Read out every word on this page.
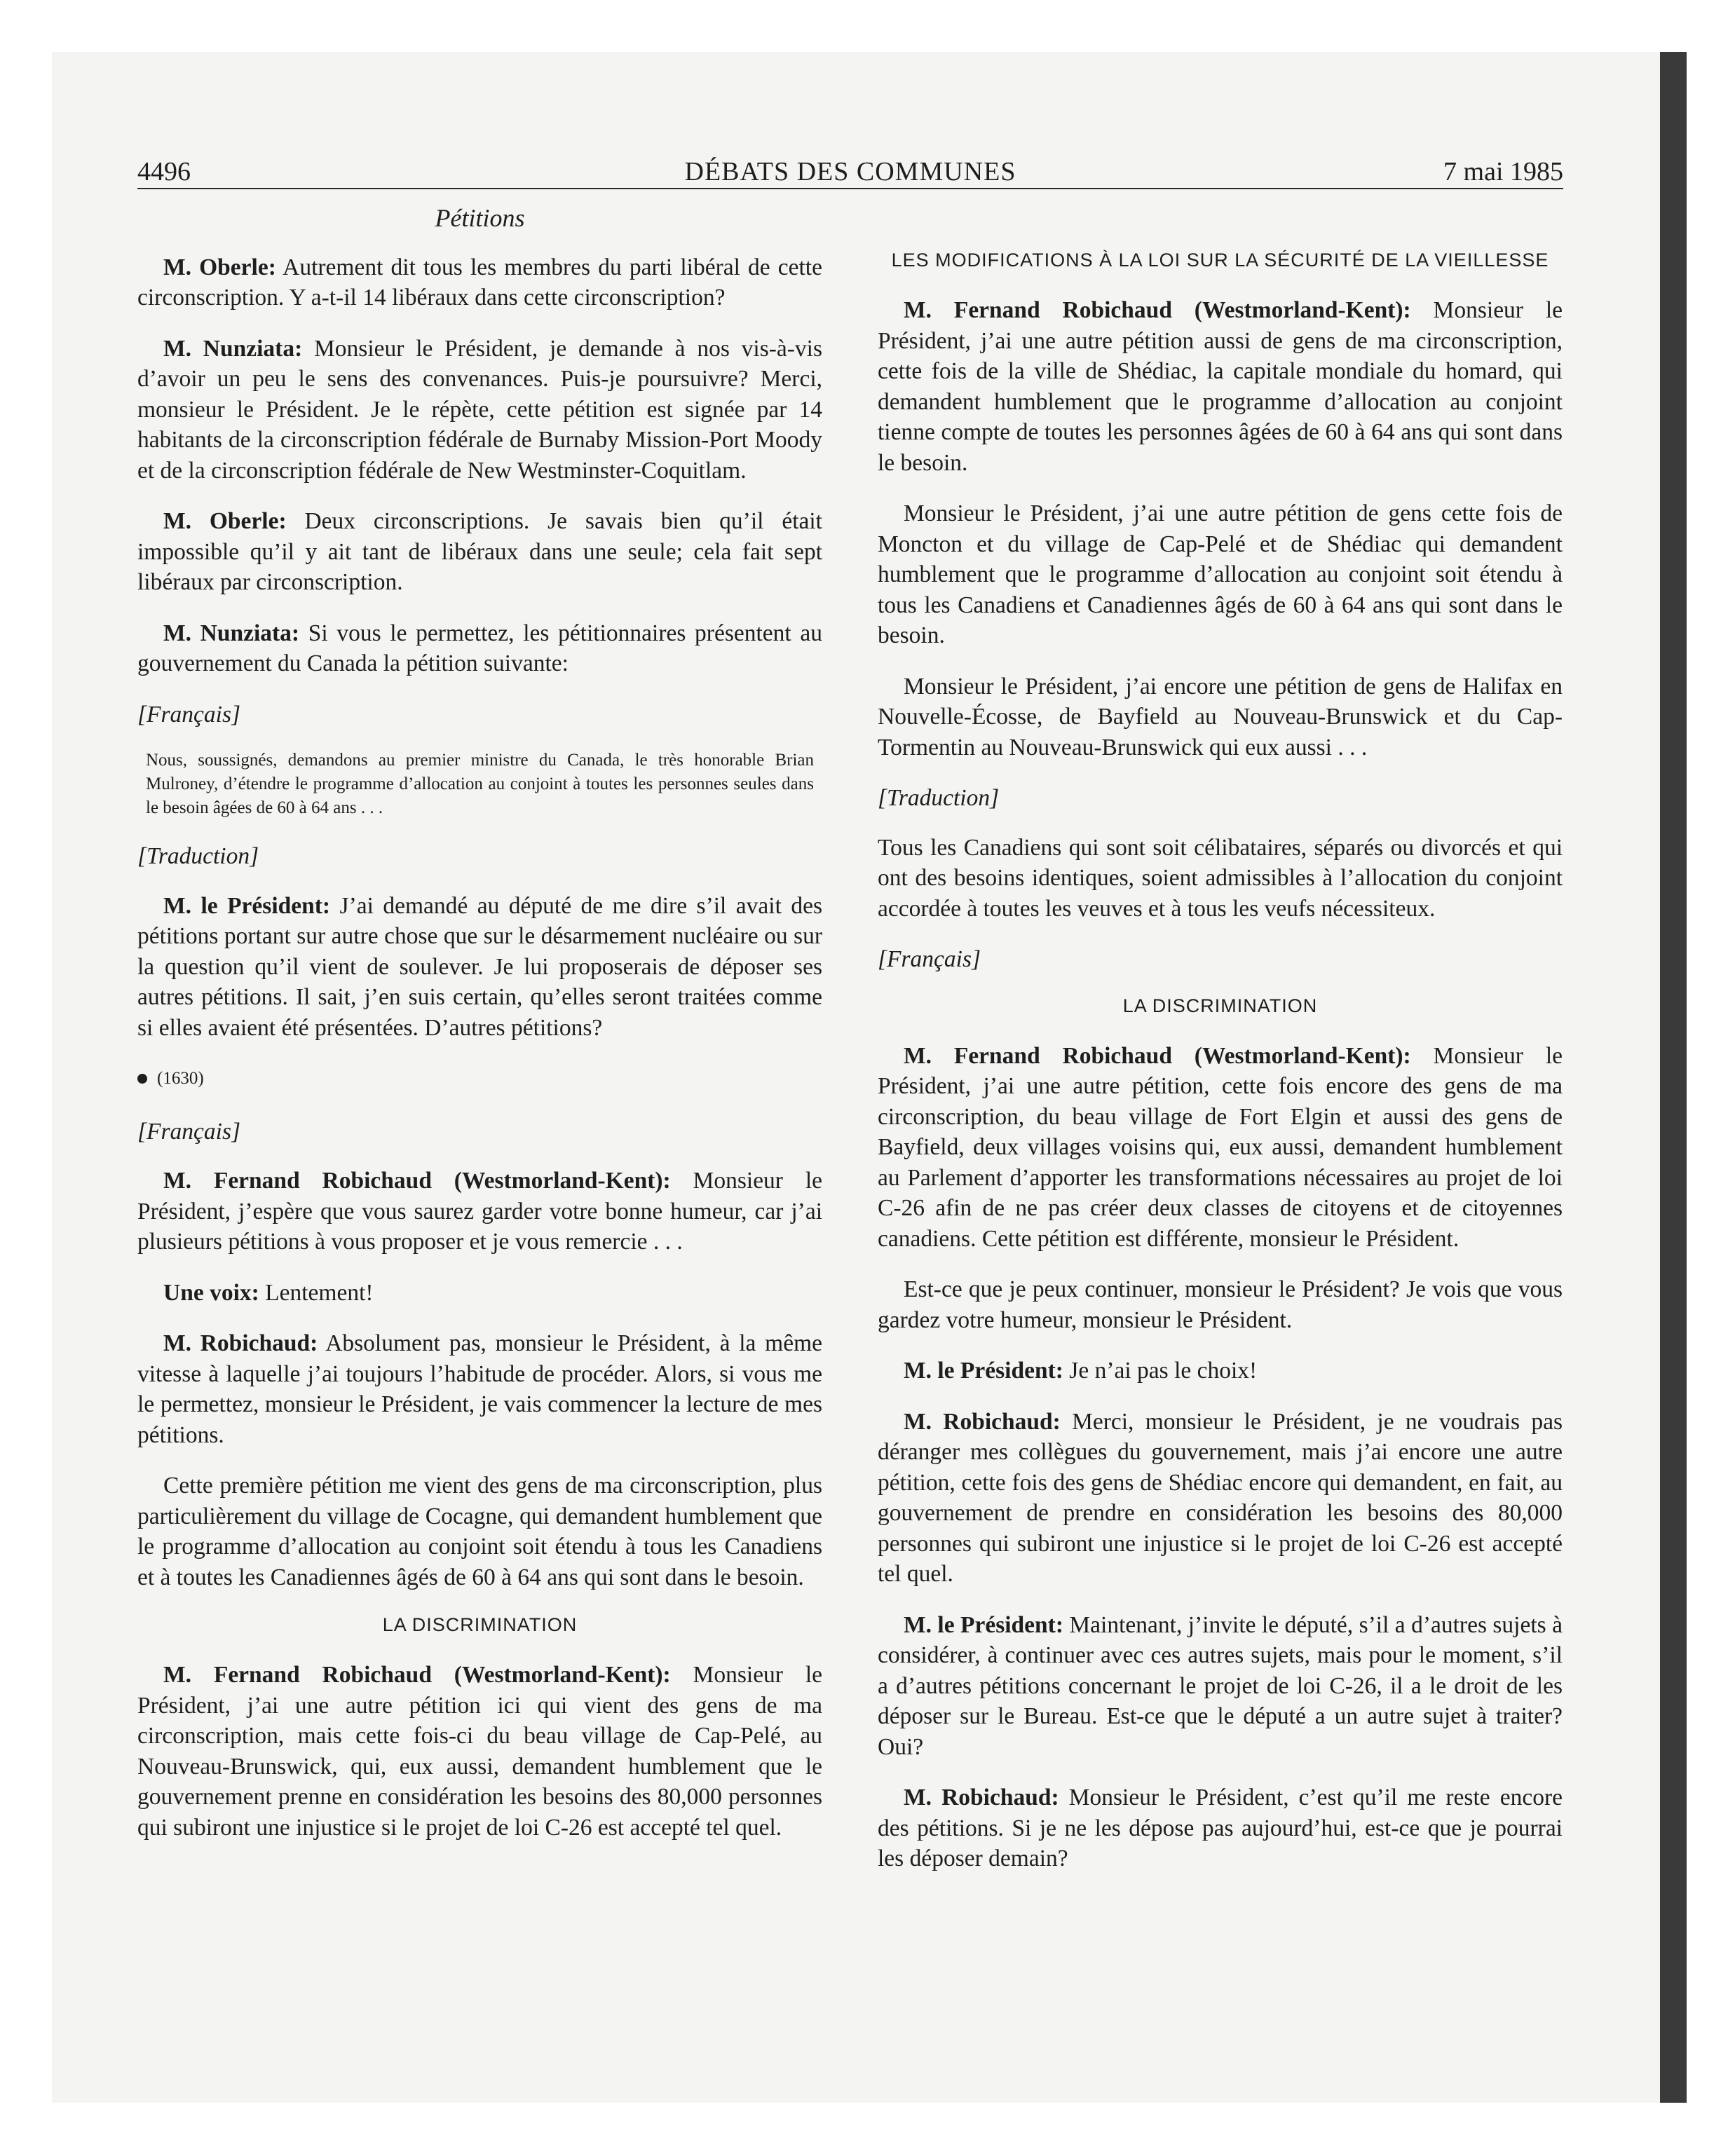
4496	DÉBATS DES COMMUNES	7 mai 1985
Pétitions

M. Oberle: Autrement dit tous les membres du parti libéral de cette circonscription. Y a-t-il 14 libéraux dans cette circonscription?

M. Nunziata: Monsieur le Président, je demande à nos vis-à-vis d’avoir un peu le sens des convenances. Puis-je poursuivre? Merci, monsieur le Président. Je le répète, cette pétition est signée par 14 habitants de la circonscription fédérale de Burnaby Mission-Port Moody et de la circonscription fédérale de New Westminster-Coquitlam.

M. Oberle: Deux circonscriptions. Je savais bien qu’il était impossible qu’il y ait tant de libéraux dans une seule; cela fait sept libéraux par circonscription.

M. Nunziata: Si vous le permettez, les pétitionnaires présentent au gouvernement du Canada la pétition suivante:

[Français]

Nous, soussignés, demandons au premier ministre du Canada, le très honorable Brian Mulroney, d’étendre le programme d’allocation au conjoint à toutes les personnes seules dans le besoin âgées de 60 à 64 ans . . .

[Traduction]

M. le Président: J’ai demandé au député de me dire s’il avait des pétitions portant sur autre chose que sur le désarmement nucléaire ou sur la question qu’il vient de soulever. Je lui proposerais de déposer ses autres pétitions. Il sait, j’en suis certain, qu’elles seront traitées comme si elles avaient été présentées. D’autres pétitions?

(1630)

[Français]

M. Fernand Robichaud (Westmorland-Kent): Monsieur le Président, j’espère que vous saurez garder votre bonne humeur, car j’ai plusieurs pétitions à vous proposer et je vous remercie . . .

Une voix: Lentement!

M. Robichaud: Absolument pas, monsieur le Président, à la même vitesse à laquelle j’ai toujours l’habitude de procéder. Alors, si vous me le permettez, monsieur le Président, je vais commencer la lecture de mes pétitions.

Cette première pétition me vient des gens de ma circonscription, plus particulièrement du village de Cocagne, qui demandent humblement que le programme d’allocation au conjoint soit étendu à tous les Canadiens et à toutes les Canadiennes âgés de 60 à 64 ans qui sont dans le besoin.

LA DISCRIMINATION

M. Fernand Robichaud (Westmorland-Kent): Monsieur le Président, j’ai une autre pétition ici qui vient des gens de ma circonscription, mais cette fois-ci du beau village de Cap-Pelé, au Nouveau-Brunswick, qui, eux aussi, demandent humblement que le gouvernement prenne en considération les besoins des 80,000 personnes qui subiront une injustice si le projet de loi C-26 est accepté tel quel.

LES MODIFICATIONS À LA LOI SUR LA SÉCURITÉ DE LA VIEILLESSE

M. Fernand Robichaud (Westmorland-Kent): Monsieur le Président, j’ai une autre pétition aussi de gens de ma circonscription, cette fois de la ville de Shédiac, la capitale mondiale du homard, qui demandent humblement que le programme d’allocation au conjoint tienne compte de toutes les personnes âgées de 60 à 64 ans qui sont dans le besoin.

Monsieur le Président, j’ai une autre pétition de gens cette fois de Moncton et du village de Cap-Pelé et de Shédiac qui demandent humblement que le programme d’allocation au conjoint soit étendu à tous les Canadiens et Canadiennes âgés de 60 à 64 ans qui sont dans le besoin.

Monsieur le Président, j’ai encore une pétition de gens de Halifax en Nouvelle-Écosse, de Bayfield au Nouveau-Brunswick et du Cap-Tormentin au Nouveau-Brunswick qui eux aussi . . .

[Traduction]

Tous les Canadiens qui sont soit célibataires, séparés ou divorcés et qui ont des besoins identiques, soient admissibles à l’allocation du conjoint accordée à toutes les veuves et à tous les veufs nécessiteux.

[Français]

LA DISCRIMINATION

M. Fernand Robichaud (Westmorland-Kent): Monsieur le Président, j’ai une autre pétition, cette fois encore des gens de ma circonscription, du beau village de Fort Elgin et aussi des gens de Bayfield, deux villages voisins qui, eux aussi, demandent humblement au Parlement d’apporter les transformations nécessaires au projet de loi C-26 afin de ne pas créer deux classes de citoyens et de citoyennes canadiens. Cette pétition est différente, monsieur le Président.

Est-ce que je peux continuer, monsieur le Président? Je vois que vous gardez votre humeur, monsieur le Président.

M. le Président: Je n’ai pas le choix!

M. Robichaud: Merci, monsieur le Président, je ne voudrais pas déranger mes collègues du gouvernement, mais j’ai encore une autre pétition, cette fois des gens de Shédiac encore qui demandent, en fait, au gouvernement de prendre en considération les besoins des 80,000 personnes qui subiront une injustice si le projet de loi C-26 est accepté tel quel.

M. le Président: Maintenant, j’invite le député, s’il a d’autres sujets à considérer, à continuer avec ces autres sujets, mais pour le moment, s’il a d’autres pétitions concernant le projet de loi C-26, il a le droit de les déposer sur le Bureau. Est-ce que le député a un autre sujet à traiter? Oui?

M. Robichaud: Monsieur le Président, c’est qu’il me reste encore des pétitions. Si je ne les dépose pas aujourd’hui, est-ce que je pourrai les déposer demain?
